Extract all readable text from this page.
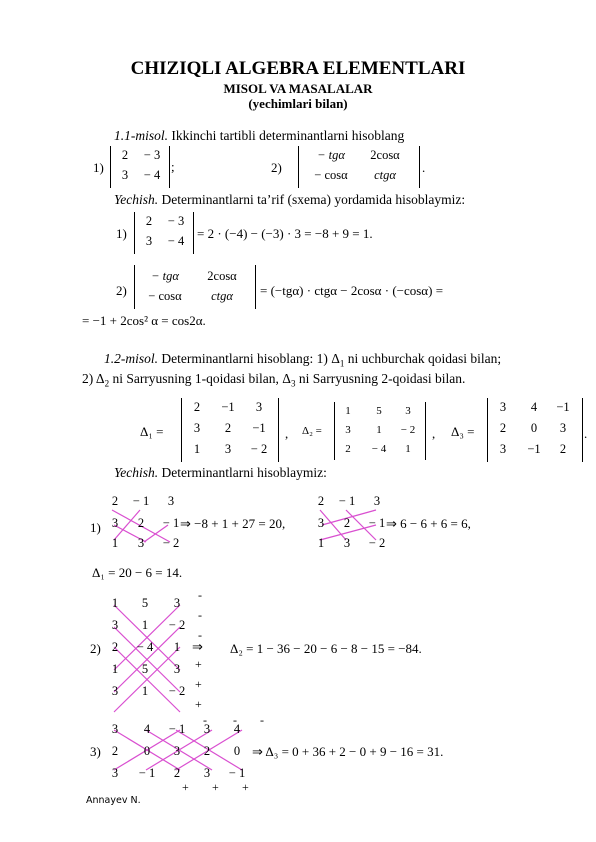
CHIZIQLI ALGEBRA ELEMENTLARI
MISOL VA MASALALAR
(yechimlari bilan)
1.1-misol. Ikkinchi tartibli determinantlarni hisoblang
1)
2	− 3
3	− 4
;	2)
− tgα	2cosα
− cosα	ctgα	.
Yechish. Determinantlarni ta’rif (sxema) yordamida hisoblaymiz:
1)
2	− 3
3	− 4 = 2 · (−4) − (−3) · 3 = −8 + 9 = 1.
2)
− tgα	2cosα
− cosα	ctgα	= (−tgα) · ctgα − 2cosα · (−cosα) =
= −1 + 2cos² α = cos2α.
1.2-misol. Determinantlarni hisoblang: 1) $\Delta_1$ ni uchburchak qoidasi bilan;
2) $\Delta_2$ ni Sarryusning 1-qoidasi bilan, $\Delta_3$ ni Sarryusning 2-qoidasi bilan.
Δ₁ =
2	−1	3
3	2	−1
1	3	− 2
, Δ₂ =
1	5	3
3	1	− 2
2	− 4	1
, Δ₃ =
3	4	−1
2	0	3
3	−1	2
.
Yechish. Determinantlarni hisoblaymiz:
1)
2	− 1	3
3	2	− 1
1	3	− 2
⇒ −8 + 1 + 27 = 20,
2	− 1	3
3	2	− 1
1	3	− 2
⇒ 6 − 6 + 6 = 6,
Δ₁ = 20 − 6 = 14.
2)
1	5	3
3	1	− 2
2	− 4	1
1	5	3
3	1	− 2
⇒ Δ₂ = 1 − 36 − 20 − 6 − 8 − 15 = −84.
-
-
-
+
+
+
3)
3	4	− 1	3	4
2	0	3	2	0
3	− 1	2	3	− 1
⇒ Δ₃ = 0 + 36 + 2 − 0 + 9 − 16 = 31.
- - -
+ + +
Annayev N.
